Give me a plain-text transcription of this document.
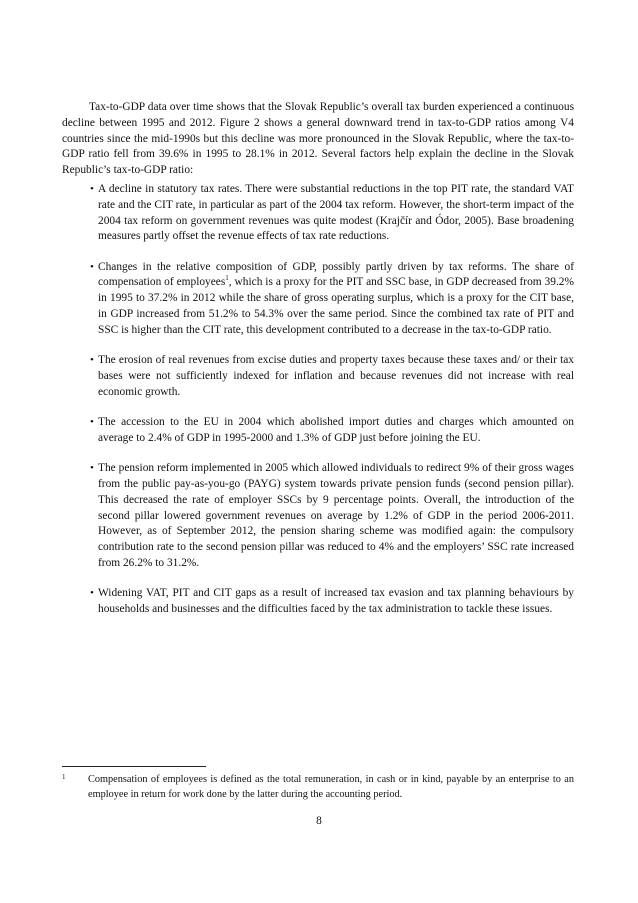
Tax-to-GDP data over time shows that the Slovak Republic’s overall tax burden experienced a continuous decline between 1995 and 2012. Figure 2 shows a general downward trend in tax-to-GDP ratios among V4 countries since the mid-1990s but this decline was more pronounced in the Slovak Republic, where the tax-to-GDP ratio fell from 39.6% in 1995 to 28.1% in 2012. Several factors help explain the decline in the Slovak Republic’s tax-to-GDP ratio:

• A decline in statutory tax rates. There were substantial reductions in the top PIT rate, the standard VAT rate and the CIT rate, in particular as part of the 2004 tax reform. However, the short-term impact of the 2004 tax reform on government revenues was quite modest (Krajčír and Ódor, 2005). Base broadening measures partly offset the revenue effects of tax rate reductions.
• Changes in the relative composition of GDP, possibly partly driven by tax reforms. The share of compensation of employees$^1$, which is a proxy for the PIT and SSC base, in GDP decreased from 39.2% in 1995 to 37.2% in 2012 while the share of gross operating surplus, which is a proxy for the CIT base, in GDP increased from 51.2% to 54.3% over the same period. Since the combined tax rate of PIT and SSC is higher than the CIT rate, this development contributed to a decrease in the tax-to-GDP ratio.
• The erosion of real revenues from excise duties and property taxes because these taxes and/ or their tax bases were not sufficiently indexed for inflation and because revenues did not increase with real economic growth.
• The accession to the EU in 2004 which abolished import duties and charges which amounted on average to 2.4% of GDP in 1995-2000 and 1.3% of GDP just before joining the EU.
• The pension reform implemented in 2005 which allowed individuals to redirect 9% of their gross wages from the public pay-as-you-go (PAYG) system towards private pension funds (second pension pillar). This decreased the rate of employer SSCs by 9 percentage points. Overall, the introduction of the second pillar lowered government revenues on average by 1.2% of GDP in the period 2006-2011. However, as of September 2012, the pension sharing scheme was modified again: the compulsory contribution rate to the second pension pillar was reduced to 4% and the employers’ SSC rate increased from 26.2% to 31.2%.
• Widening VAT, PIT and CIT gaps as a result of increased tax evasion and tax planning behaviours by households and businesses and the difficulties faced by the tax administration to tackle these issues.
1 Compensation of employees is defined as the total remuneration, in cash or in kind, payable by an enterprise to an employee in return for work done by the latter during the accounting period.
8
